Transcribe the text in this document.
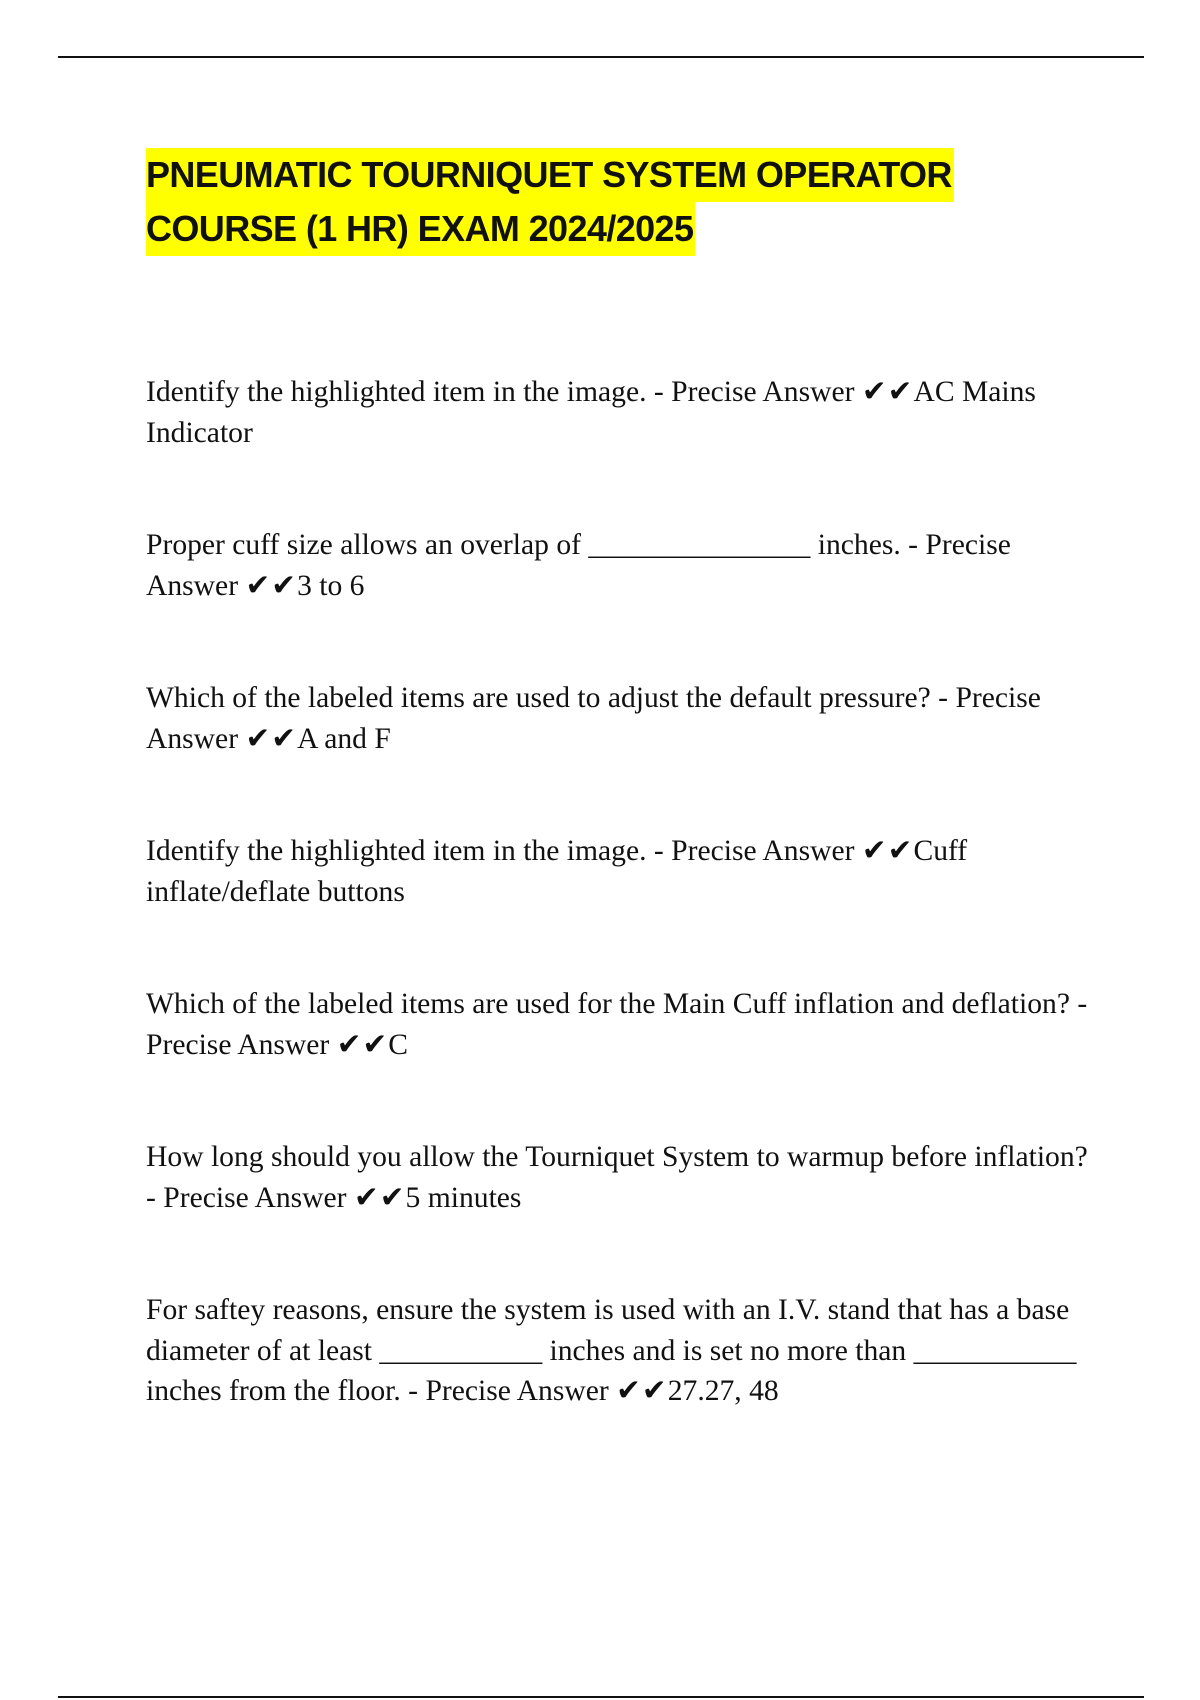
PNEUMATIC TOURNIQUET SYSTEM OPERATOR
COURSE (1 HR) EXAM 2024/2025
Identify the highlighted item in the image. - Precise Answer ✔✔AC Mains Indicator
Proper cuff size allows an overlap of _______________ inches. - Precise Answer ✔✔3 to 6
Which of the labeled items are used to adjust the default pressure? - Precise Answer ✔✔A and F
Identify the highlighted item in the image. - Precise Answer ✔✔Cuff inflate/deflate buttons
Which of the labeled items are used for the Main Cuff inflation and deflation? - Precise Answer ✔✔C
How long should you allow the Tourniquet System to warmup before inflation? - Precise Answer ✔✔5 minutes
For saftey reasons, ensure the system is used with an I.V. stand that has a base diameter of at least ___________ inches and is set no more than ___________ inches from the floor. - Precise Answer ✔✔27.27, 48
